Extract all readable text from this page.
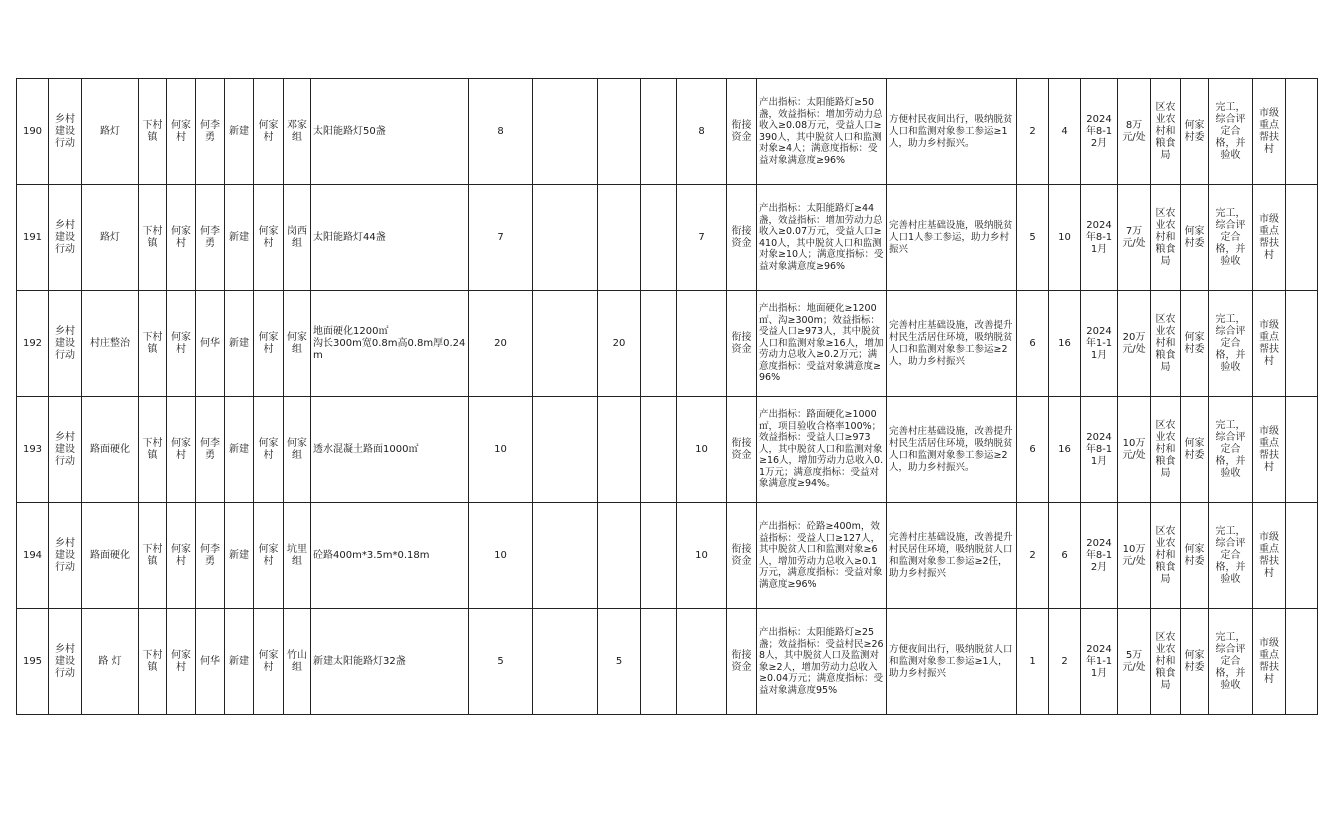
190	乡村建设行动	路灯	下村镇	何家村	何李勇	新建	何家村	邓家组	太阳能路灯50盏	8				8	衔接资金	产出指标：太阳能路灯≥50盏，效益指标：增加劳动力总收入≥0.08万元，受益人口≥390人，其中脱贫人口和监测对象≥4人；满意度指标：受益对象满意度≥96%	方便村民夜间出行，吸纳脱贫人口和监测对象参工参运≥1人，助力乡村振兴。	2	4	2024年8-12月	8万元/处	区农业农村和粮食局	何家村委	完工，综合评定合格，并验收	市级重点帮扶村	
191	乡村建设行动	路灯	下村镇	何家村	何李勇	新建	何家村	岗西组	太阳能路灯44盏	7				7	衔接资金	产出指标：太阳能路灯≥44盏，效益指标：增加劳动力总收入≥0.07万元，受益人口≥410人，其中脱贫人口和监测对象≥10人；满意度指标：受益对象满意度≥96%	完善村庄基础设施，吸纳脱贫人口1人参工参运，助力乡村振兴	5	10	2024年8-11月	7万元/处	区农业农村和粮食局	何家村委	完工，综合评定合格，并验收	市级重点帮扶村	
192	乡村建设行动	村庄整治	下村镇	何家村	何华	新建	何家村	何家组	地面硬化1200㎡
沟长300m宽0.8m高0.8m厚0.24m	20		20			衔接资金	产出指标：地面硬化≥1200㎡、沟≥300m；效益指标：受益人口≥973人，其中脱贫人口和监测对象≥16人，增加劳动力总收入≥0.2万元；满意度指标：受益对象满意度≥96%	完善村庄基础设施，改善提升村民生活居住环境，吸纳脱贫人口和监测对象参工参运≥2人，助力乡村振兴	6	16	2024年1-11月	20万元/处	区农业农村和粮食局	何家村委	完工，综合评定合格，并验收	市级重点帮扶村	
193	乡村建设行动	路面硬化	下村镇	何家村	何李勇	新建	何家村	何家组	透水混凝土路面1000㎡	10				10	衔接资金	产出指标：路面硬化≥1000㎡，项目验收合格率100%；效益指标：受益人口≥973人，其中脱贫人口和监测对象≥16人，增加劳动力总收入0.1万元；满意度指标：受益对象满意度≥94%。	完善村庄基础设施，改善提升村民生活居住环境，吸纳脱贫人口和监测对象参工参运≥2人，助力乡村振兴。	6	16	2024年8-11月	10万元/处	区农业农村和粮食局	何家村委	完工，综合评定合格，并验收	市级重点帮扶村	
194	乡村建设行动	路面硬化	下村镇	何家村	何李勇	新建	何家村	坑里组	砼路400m*3.5m*0.18m	10				10	衔接资金	产出指标：砼路≥400m，效益指标：受益人口≥127人，其中脱贫人口和监测对象≥6人，增加劳动力总收入≥0.1万元，满意度指标：受益对象满意度≥96%	完善村庄基础设施，改善提升村民居住环境，吸纳脱贫人口和监测对象参工参运≥2任，助力乡村振兴	2	6	2024年8-12月	10万元/处	区农业农村和粮食局	何家村委	完工，综合评定合格，并验收	市级重点帮扶村	
195	乡村建设行动	路 灯	下村镇	何家村	何华	新建	何家村	竹山组	新建太阳能路灯32盏	5		5			衔接资金	产出指标：太阳能路灯≥25盏；效益指标：受益村民≥268人，其中脱贫人口及监测对象≥2人，增加劳动力总收入≥0.04万元；满意度指标：受益对象满意度95%	方便夜间出行，吸纳脱贫人口和监测对象参工参运≥1人，助力乡村振兴	1	2	2024年1-11月	5万元/处	区农业农村和粮食局	何家村委	完工，综合评定合格，并验收	市级重点帮扶村	
